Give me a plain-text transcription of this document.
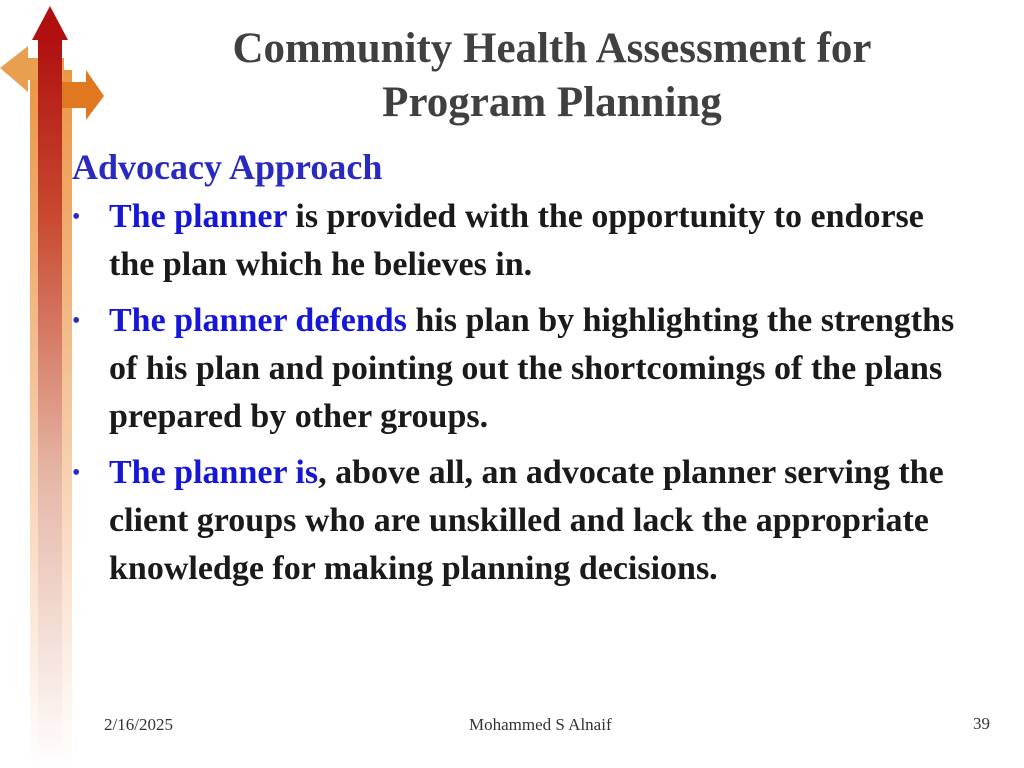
Community Health Assessment for
Program Planning
Advocacy Approach
• The planner is provided with the opportunity to endorse the plan which he believes in.
• The planner defends his plan by highlighting the strengths of his plan and pointing out the shortcomings of the plans prepared by other groups.
• The planner is, above all, an advocate planner serving the client groups who are unskilled and lack the appropriate knowledge for making planning decisions.
2/16/2025	Mohammed S Alnaif	39
